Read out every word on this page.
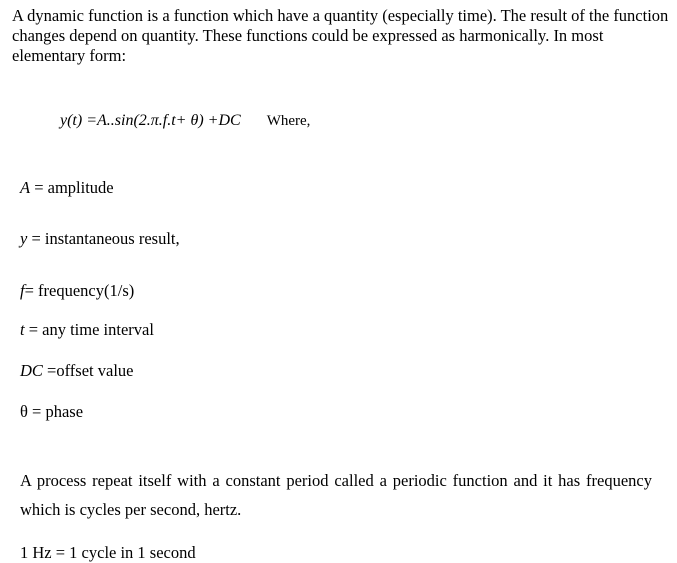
A dynamic function is a function which have a quantity (especially time). The result of the function changes depend on quantity. These functions could be expressed as harmonically. In most elementary form:

y(t) =A..sin(2.π.f.t+ θ) +DC Where,
A = amplitude
y = instantaneous result,
f= frequency(1/s)
t = any time interval
DC =offset value
θ = phase

A process repeat itself with a constant period called a periodic function and it has frequency which is cycles per second, hertz.

1 Hz = 1 cycle in 1 second
